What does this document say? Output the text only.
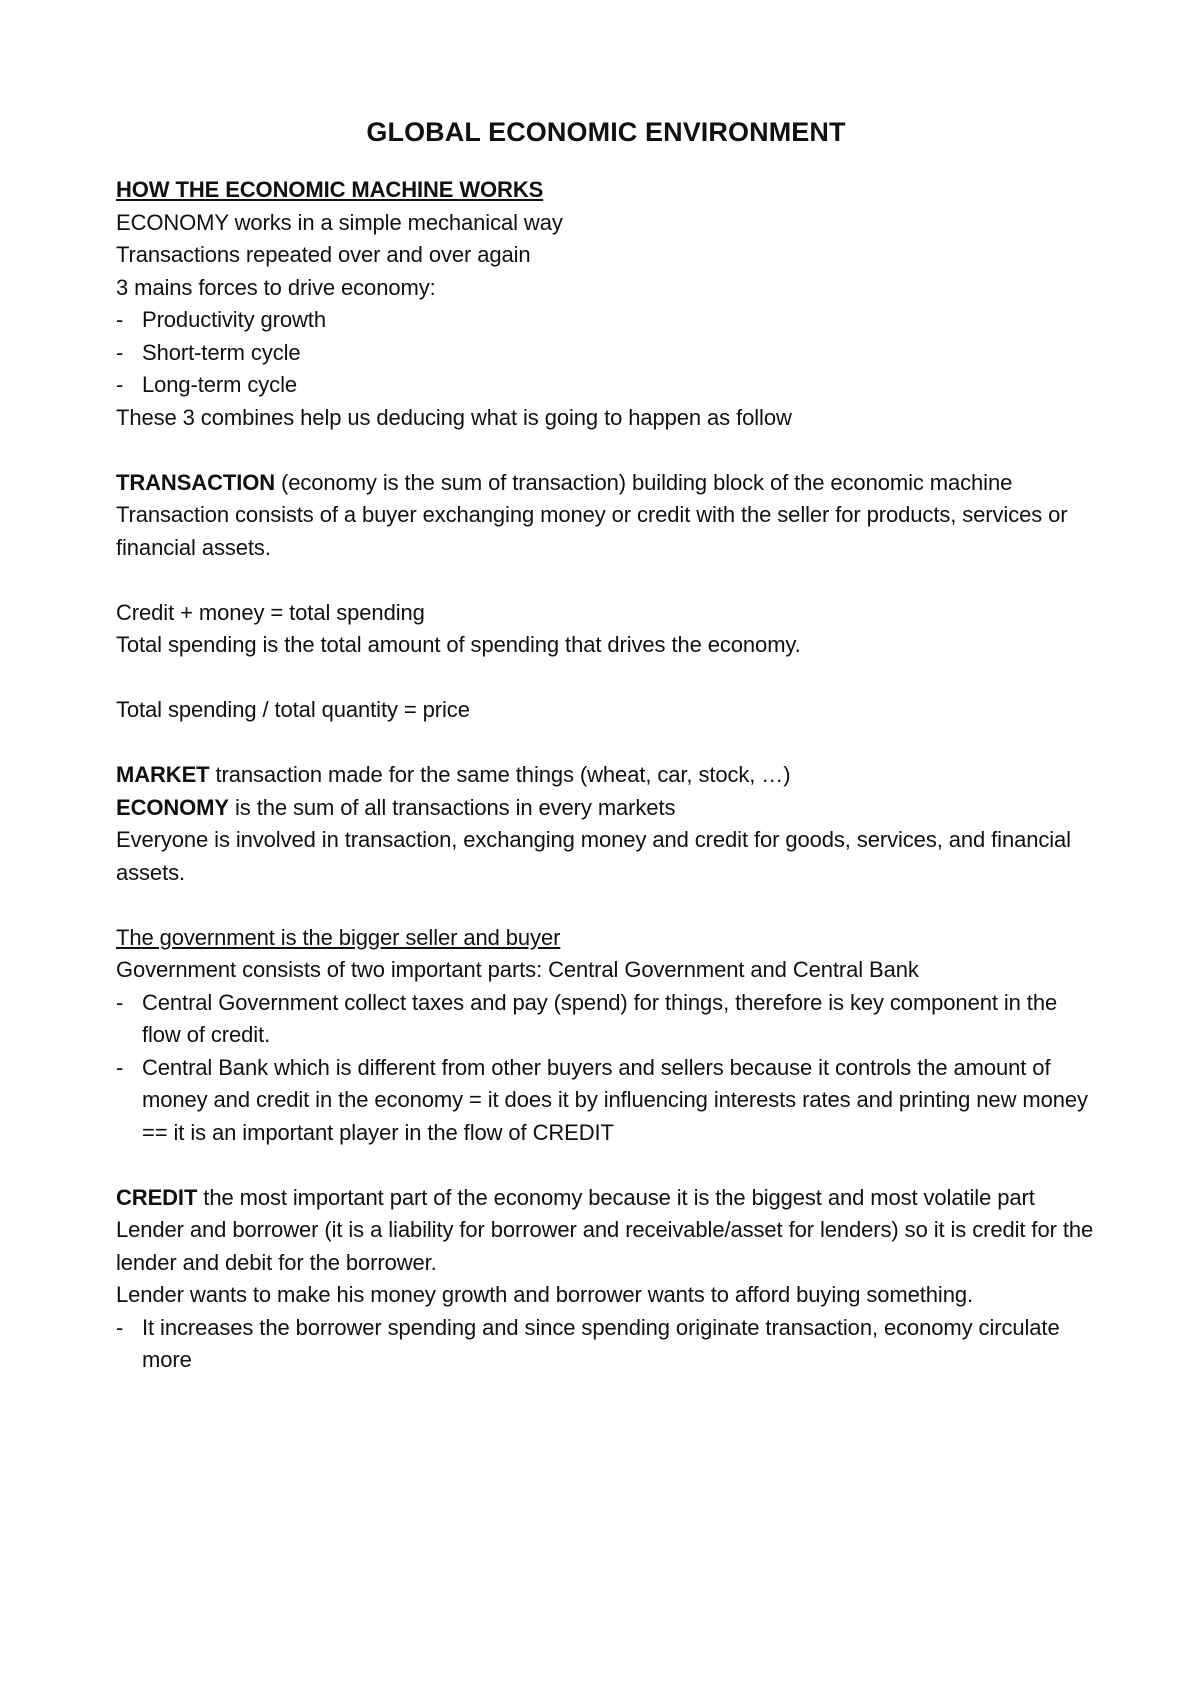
GLOBAL ECONOMIC ENVIRONMENT

HOW THE ECONOMIC MACHINE WORKS

ECONOMY works in a simple mechanical way

Transactions repeated over and over again

3 mains forces to drive economy:

- Productivity growth
- Short-term cycle
- Long-term cycle

These 3 combines help us deducing what is going to happen as follow

TRANSACTION (economy is the sum of transaction) building block of the economic machine

Transaction consists of a buyer exchanging money or credit with the seller for products, services or financial assets.

Credit + money = total spending

Total spending is the total amount of spending that drives the economy.

Total spending / total quantity = price

MARKET transaction made for the same things (wheat, car, stock, …)

ECONOMY is the sum of all transactions in every markets

Everyone is involved in transaction, exchanging money and credit for goods, services, and financial assets.

The government is the bigger seller and buyer

Government consists of two important parts: Central Government and Central Bank

- Central Government collect taxes and pay (spend) for things, therefore is key component in the flow of credit.
- Central Bank which is different from other buyers and sellers because it controls the amount of money and credit in the economy = it does it by influencing interests rates and printing new money == it is an important player in the flow of CREDIT

CREDIT the most important part of the economy because it is the biggest and most volatile part

Lender and borrower (it is a liability for borrower and receivable/asset for lenders) so it is credit for the lender and debit for the borrower.

Lender wants to make his money growth and borrower wants to afford buying something.

- It increases the borrower spending and since spending originate transaction, economy circulate more
